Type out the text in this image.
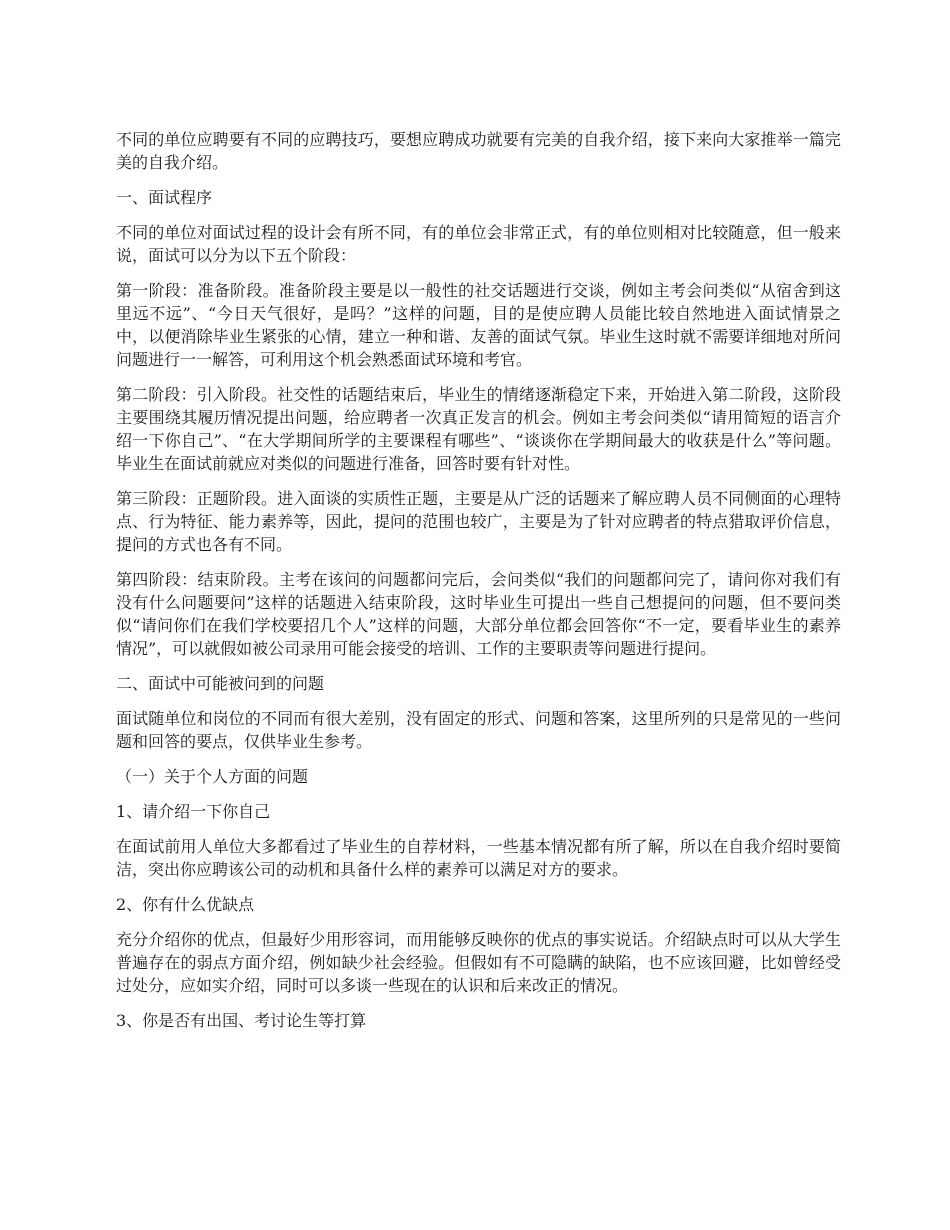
不同的单位应聘要有不同的应聘技巧，要想应聘成功就要有完美的自我介绍，接下来向大家推举一篇完美的自我介绍。

一、面试程序

不同的单位对面试过程的设计会有所不同，有的单位会非常正式，有的单位则相对比较随意，但一般来说，面试可以分为以下五个阶段：

第一阶段：准备阶段。准备阶段主要是以一般性的社交话题进行交谈，例如主考会问类似“从宿舍到这里远不远”、“今日天气很好，是吗？”这样的问题，目的是使应聘人员能比较自然地进入面试情景之中，以便消除毕业生紧张的心情，建立一种和谐、友善的面试气氛。毕业生这时就不需要详细地对所问问题进行一一解答，可利用这个机会熟悉面试环境和考官。

第二阶段：引入阶段。社交性的话题结束后，毕业生的情绪逐渐稳定下来，开始进入第二阶段，这阶段主要围绕其履历情况提出问题，给应聘者一次真正发言的机会。例如主考会问类似“请用简短的语言介绍一下你自己”、“在大学期间所学的主要课程有哪些”、“谈谈你在学期间最大的收获是什么”等问题。毕业生在面试前就应对类似的问题进行准备，回答时要有针对性。

第三阶段：正题阶段。进入面谈的实质性正题，主要是从广泛的话题来了解应聘人员不同侧面的心理特点、行为特征、能力素养等，因此，提问的范围也较广，主要是为了针对应聘者的特点猎取评价信息，提问的方式也各有不同。

第四阶段：结束阶段。主考在该问的问题都问完后，会问类似“我们的问题都问完了，请问你对我们有没有什么问题要问”这样的话题进入结束阶段，这时毕业生可提出一些自己想提问的问题，但不要问类似“请问你们在我们学校要招几个人”这样的问题，大部分单位都会回答你“不一定，要看毕业生的素养情况”，可以就假如被公司录用可能会接受的培训、工作的主要职责等问题进行提问。

二、面试中可能被问到的问题

面试随单位和岗位的不同而有很大差别，没有固定的形式、问题和答案，这里所列的只是常见的一些问题和回答的要点，仅供毕业生参考。

（一）关于个人方面的问题

1、请介绍一下你自己

在面试前用人单位大多都看过了毕业生的自荐材料，一些基本情况都有所了解，所以在自我介绍时要简洁，突出你应聘该公司的动机和具备什么样的素养可以满足对方的要求。

2、你有什么优缺点

充分介绍你的优点，但最好少用形容词，而用能够反映你的优点的事实说话。介绍缺点时可以从大学生普遍存在的弱点方面介绍，例如缺少社会经验。但假如有不可隐瞒的缺陷，也不应该回避，比如曾经受过处分，应如实介绍，同时可以多谈一些现在的认识和后来改正的情况。

3、你是否有出国、考讨论生等打算
